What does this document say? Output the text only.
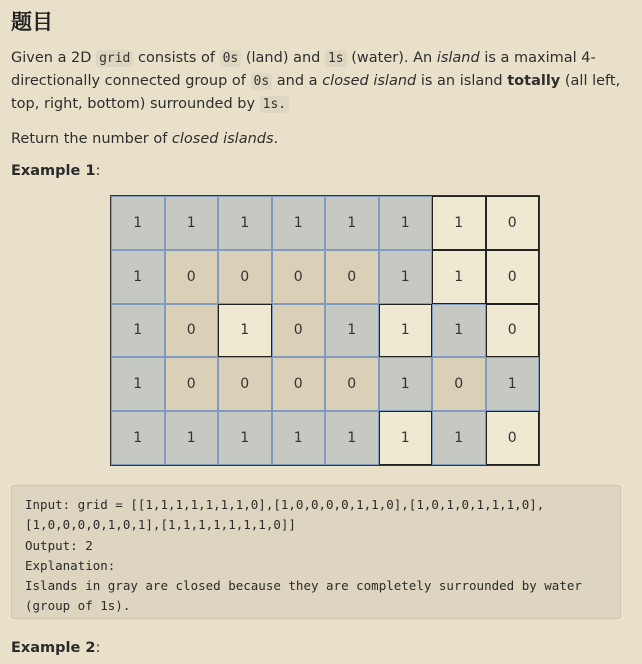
题目
Given a 2D grid consists of 0s (land) and 1s (water). An island is a maximal 4-directionally connected group of 0s and a closed island is an island totally (all left, top, right, bottom) surrounded by 1s.
Return the number of closed islands.
Example 1:
1	1	1	1	1	1	1	0
1	0	0	0	0	1	1	0
1	0	1	0	1	1	1	0
1	0	0	0	0	1	0	1
1	1	1	1	1	1	1	0
Input: grid = [[1,1,1,1,1,1,1,0],[1,0,0,0,0,1,1,0],[1,0,1,0,1,1,1,0],
[1,0,0,0,0,1,0,1],[1,1,1,1,1,1,1,0]]
Output: 2
Explanation:
Islands in gray are closed because they are completely surrounded by water
(group of 1s).
Example 2:
